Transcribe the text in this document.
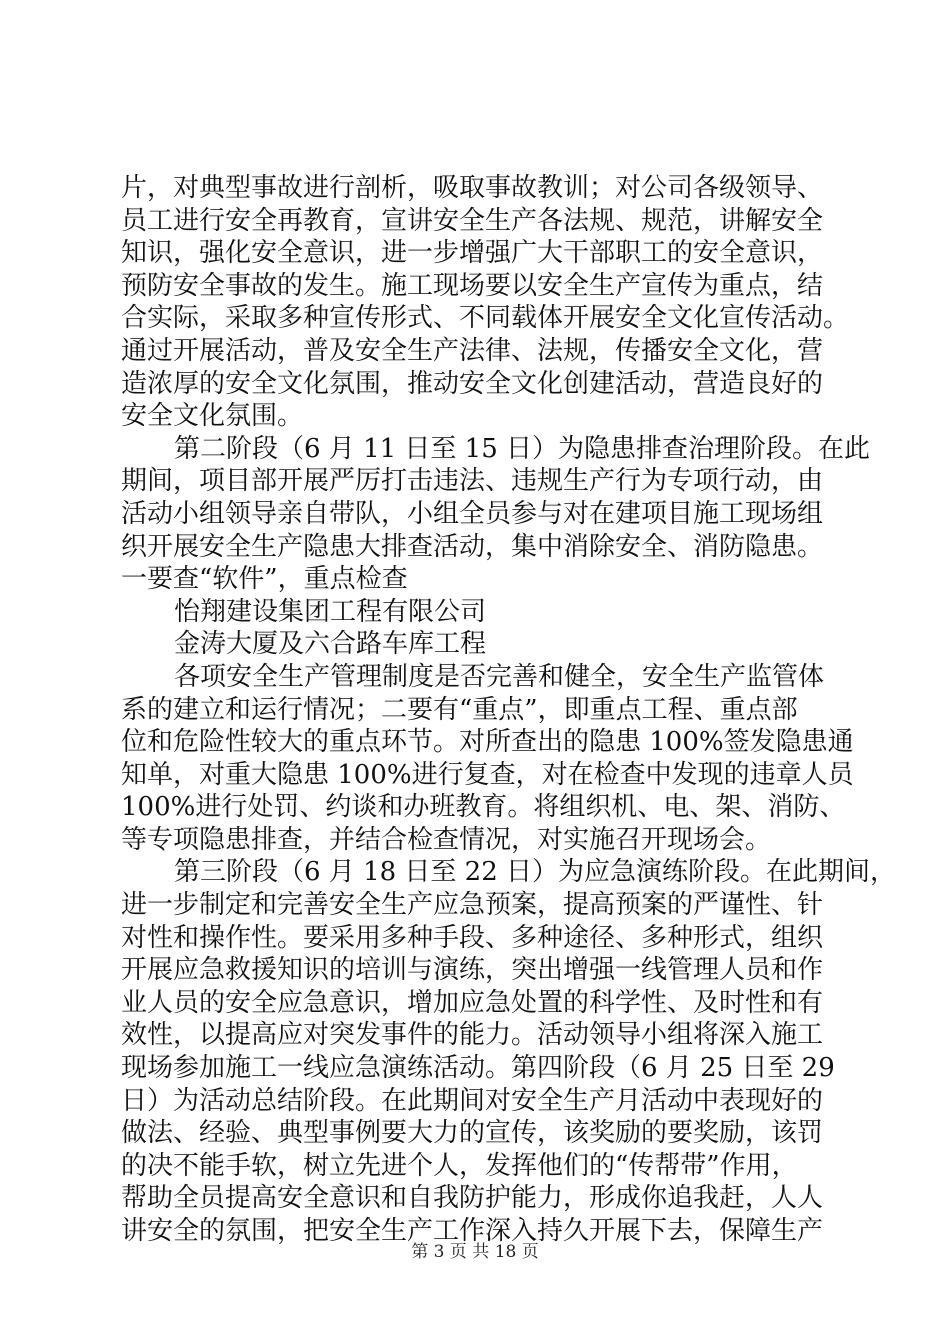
片，对典型事故进行剖析，吸取事故教训；对公司各级领导、
员工进行安全再教育，宣讲安全生产各法规、规范，讲解安全
知识，强化安全意识，进一步增强广大干部职工的安全意识，
预防安全事故的发生。施工现场要以安全生产宣传为重点，结
合实际，采取多种宣传形式、不同载体开展安全文化宣传活动。
通过开展活动，普及安全生产法律、法规，传播安全文化，营
造浓厚的安全文化氛围，推动安全文化创建活动，营造良好的
安全文化氛围。
第二阶段（6 月 11 日至 15 日）为隐患排查治理阶段。在此
期间，项目部开展严厉打击违法、违规生产行为专项行动，由
活动小组领导亲自带队，小组全员参与对在建项目施工现场组
织开展安全生产隐患大排查活动，集中消除安全、消防隐患。
一要查“软件”，重点检查
怡翔建设集团工程有限公司
金涛大厦及六合路车库工程
各项安全生产管理制度是否完善和健全，安全生产监管体
系的建立和运行情况；二要有“重点”，即重点工程、重点部
位和危险性较大的重点环节。对所查出的隐患 100%签发隐患通
知单，对重大隐患 100%进行复查，对在检查中发现的违章人员
100%进行处罚、约谈和办班教育。将组织机、电、架、消防、
等专项隐患排查，并结合检查情况，对实施召开现场会。
第三阶段（6 月 18 日至 22 日）为应急演练阶段。在此期间，
进一步制定和完善安全生产应急预案，提高预案的严谨性、针
对性和操作性。要采用多种手段、多种途径、多种形式，组织
开展应急救援知识的培训与演练，突出增强一线管理人员和作
业人员的安全应急意识，增加应急处置的科学性、及时性和有
效性，以提高应对突发事件的能力。活动领导小组将深入施工
现场参加施工一线应急演练活动。第四阶段（6 月 25 日至 29
日）为活动总结阶段。在此期间对安全生产月活动中表现好的
做法、经验、典型事例要大力的宣传，该奖励的要奖励，该罚
的决不能手软，树立先进个人，发挥他们的“传帮带”作用，
帮助全员提高安全意识和自我防护能力，形成你追我赶，人人
讲安全的氛围，把安全生产工作深入持久开展下去，保障生产
第 3 页 共 18 页
